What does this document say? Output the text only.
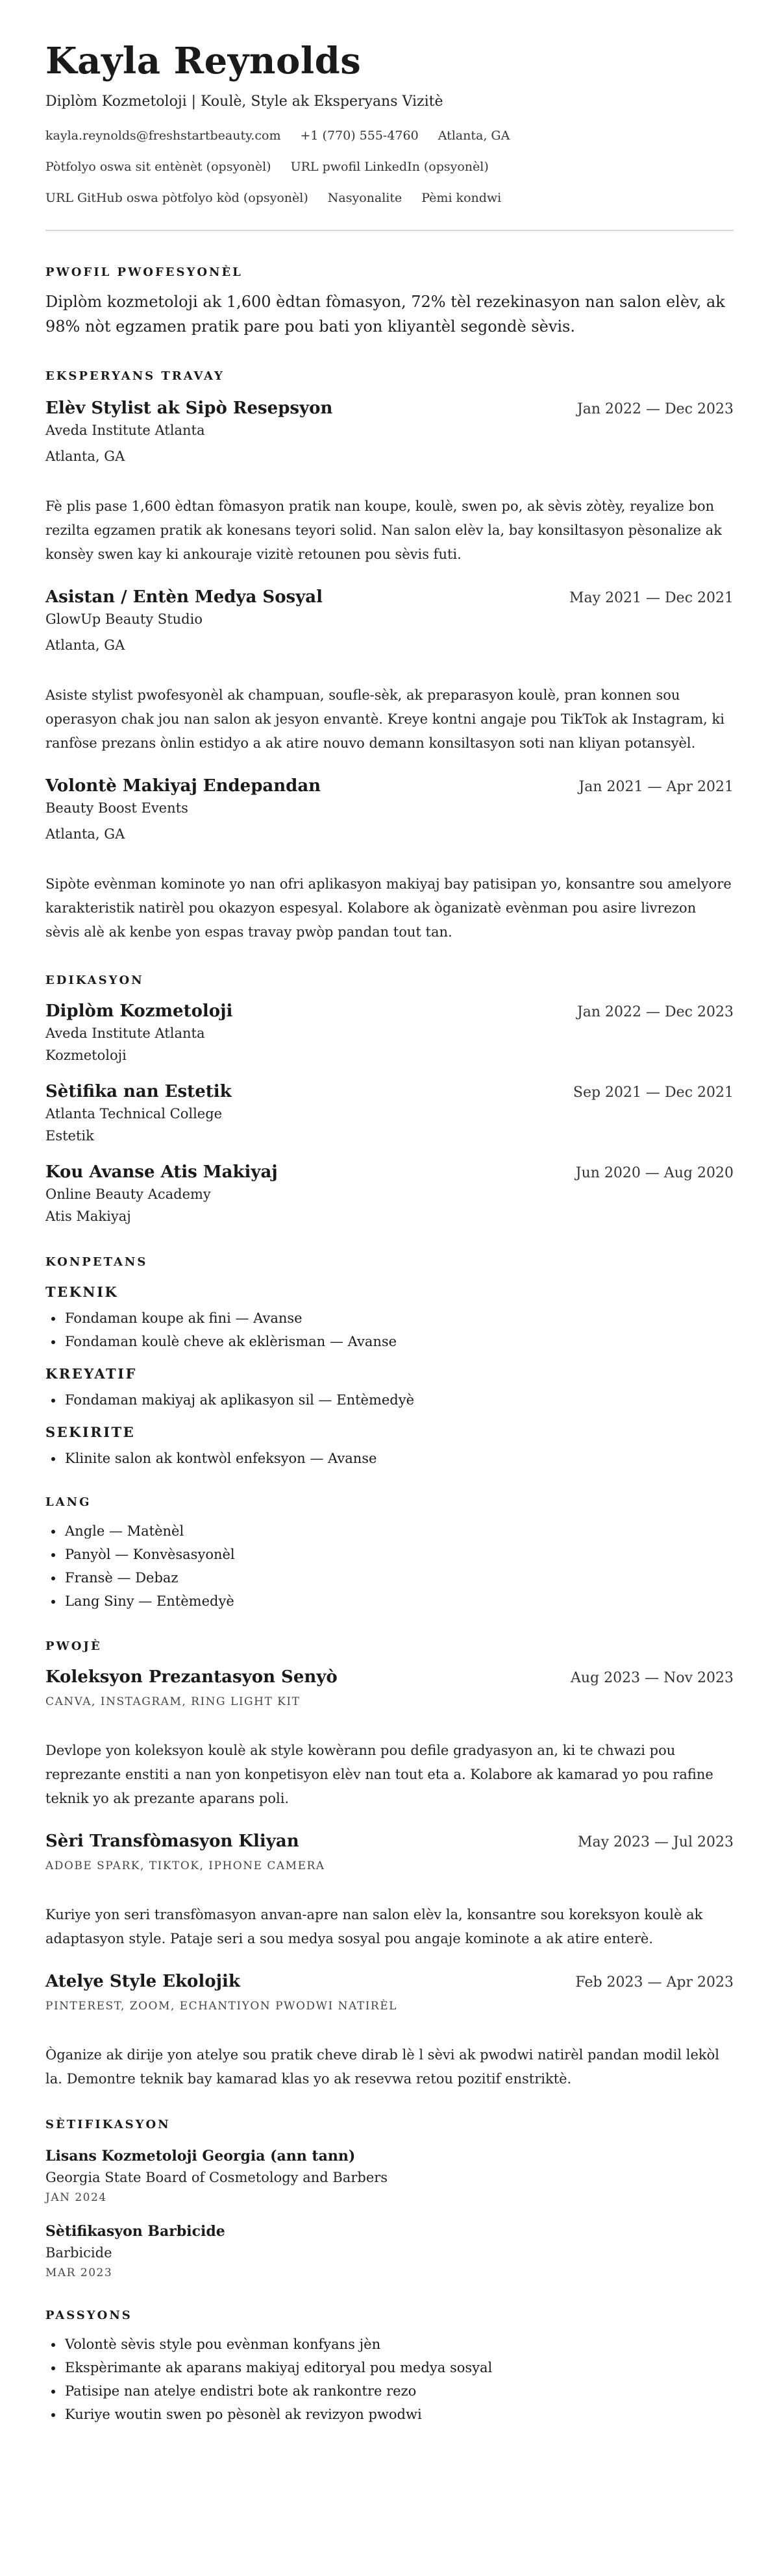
Kayla Reynolds
Diplòm Kozmetoloji | Koulè, Style ak Eksperyans Vizitè
kayla.reynolds@freshstartbeauty.com +1 (770) 555-4760 Atlanta, GA
Pòtfolyo oswa sit entènèt (opsyonèl) URL pwofil LinkedIn (opsyonèl)
URL GitHub oswa pòtfolyo kòd (opsyonèl) Nasyonalite Pèmi kondwi
PWOFIL PWOFESYONÈL
Diplòm kozmetoloji ak 1,600 èdtan fòmasyon, 72% tèl rezekinasyon nan salon elèv, ak 98% nòt egzamen pratik pare pou bati yon kliyantèl segondè sèvis.
EKSPERYANS TRAVAY
Elèv Stylist ak Sipò Resepsyon	Jan 2022 — Dec 2023
Aveda Institute Atlanta
Atlanta, GA
Fè plis pase 1,600 èdtan fòmasyon pratik nan koupe, koulè, swen po, ak sèvis zòtèy, reyalize bon rezilta egzamen pratik ak konesans teyori solid. Nan salon elèv la, bay konsiltasyon pèsonalize ak konsèy swen kay ki ankouraje vizitè retounen pou sèvis futi.
Asistan / Entèn Medya Sosyal	May 2021 — Dec 2021
GlowUp Beauty Studio
Atlanta, GA
Asiste stylist pwofesyonèl ak champuan, soufle-sèk, ak preparasyon koulè, pran konnen sou operasyon chak jou nan salon ak jesyon envantè. Kreye kontni angaje pou TikTok ak Instagram, ki ranfòse prezans ònlin estidyo a ak atire nouvo demann konsiltasyon soti nan kliyan potansyèl.
Volontè Makiyaj Endepandan	Jan 2021 — Apr 2021
Beauty Boost Events
Atlanta, GA
Sipòte evènman kominote yo nan ofri aplikasyon makiyaj bay patisipan yo, konsantre sou amelyore karakteristik natirèl pou okazyon espesyal. Kolabore ak òganizatè evènman pou asire livrezon sèvis alè ak kenbe yon espas travay pwòp pandan tout tan.
EDIKASYON
Diplòm Kozmetoloji	Jan 2022 — Dec 2023
Aveda Institute Atlanta
Kozmetoloji
Sètifika nan Estetik	Sep 2021 — Dec 2021
Atlanta Technical College
Estetik
Kou Avanse Atis Makiyaj	Jun 2020 — Aug 2020
Online Beauty Academy
Atis Makiyaj
KONPETANS
TEKNIK
• Fondaman koupe ak fini — Avanse
• Fondaman koulè cheve ak eklèrisman — Avanse
KREYATIF
• Fondaman makiyaj ak aplikasyon sil — Entèmedyè
SEKIRITE
• Klinite salon ak kontwòl enfeksyon — Avanse
LANG
• Angle — Matènèl
• Panyòl — Konvèsasyonèl
• Fransè — Debaz
• Lang Siny — Entèmedyè
PWOJÈ
Koleksyon Prezantasyon Senyò	Aug 2023 — Nov 2023
CANVA, INSTAGRAM, RING LIGHT KIT
Devlope yon koleksyon koulè ak style kowèrann pou defile gradyasyon an, ki te chwazi pou reprezante enstiti a nan yon konpetisyon elèv nan tout eta a. Kolabore ak kamarad yo pou rafine teknik yo ak prezante aparans poli.
Sèri Transfòmasyon Kliyan	May 2023 — Jul 2023
ADOBE SPARK, TIKTOK, IPHONE CAMERA
Kuriye yon seri transfòmasyon anvan-apre nan salon elèv la, konsantre sou koreksyon koulè ak adaptasyon style. Pataje seri a sou medya sosyal pou angaje kominote a ak atire enterè.
Atelye Style Ekolojik	Feb 2023 — Apr 2023
PINTEREST, ZOOM, ECHANTIYON PWODWI NATIRÈL
Òganize ak dirije yon atelye sou pratik cheve dirab lè l sèvi ak pwodwi natirèl pandan modil lekòl la. Demontre teknik bay kamarad klas yo ak resevwa retou pozitif enstriktè.
SÈTIFIKASYON
Lisans Kozmetoloji Georgia (ann tann)
Georgia State Board of Cosmetology and Barbers
JAN 2024
Sètifikasyon Barbicide
Barbicide
MAR 2023
PASSYONS
• Volontè sèvis style pou evènman konfyans jèn
• Ekspèrimante ak aparans makiyaj editoryal pou medya sosyal
• Patisipe nan atelye endistri bote ak rankontre rezo
• Kuriye woutin swen po pèsonèl ak revizyon pwodwi
